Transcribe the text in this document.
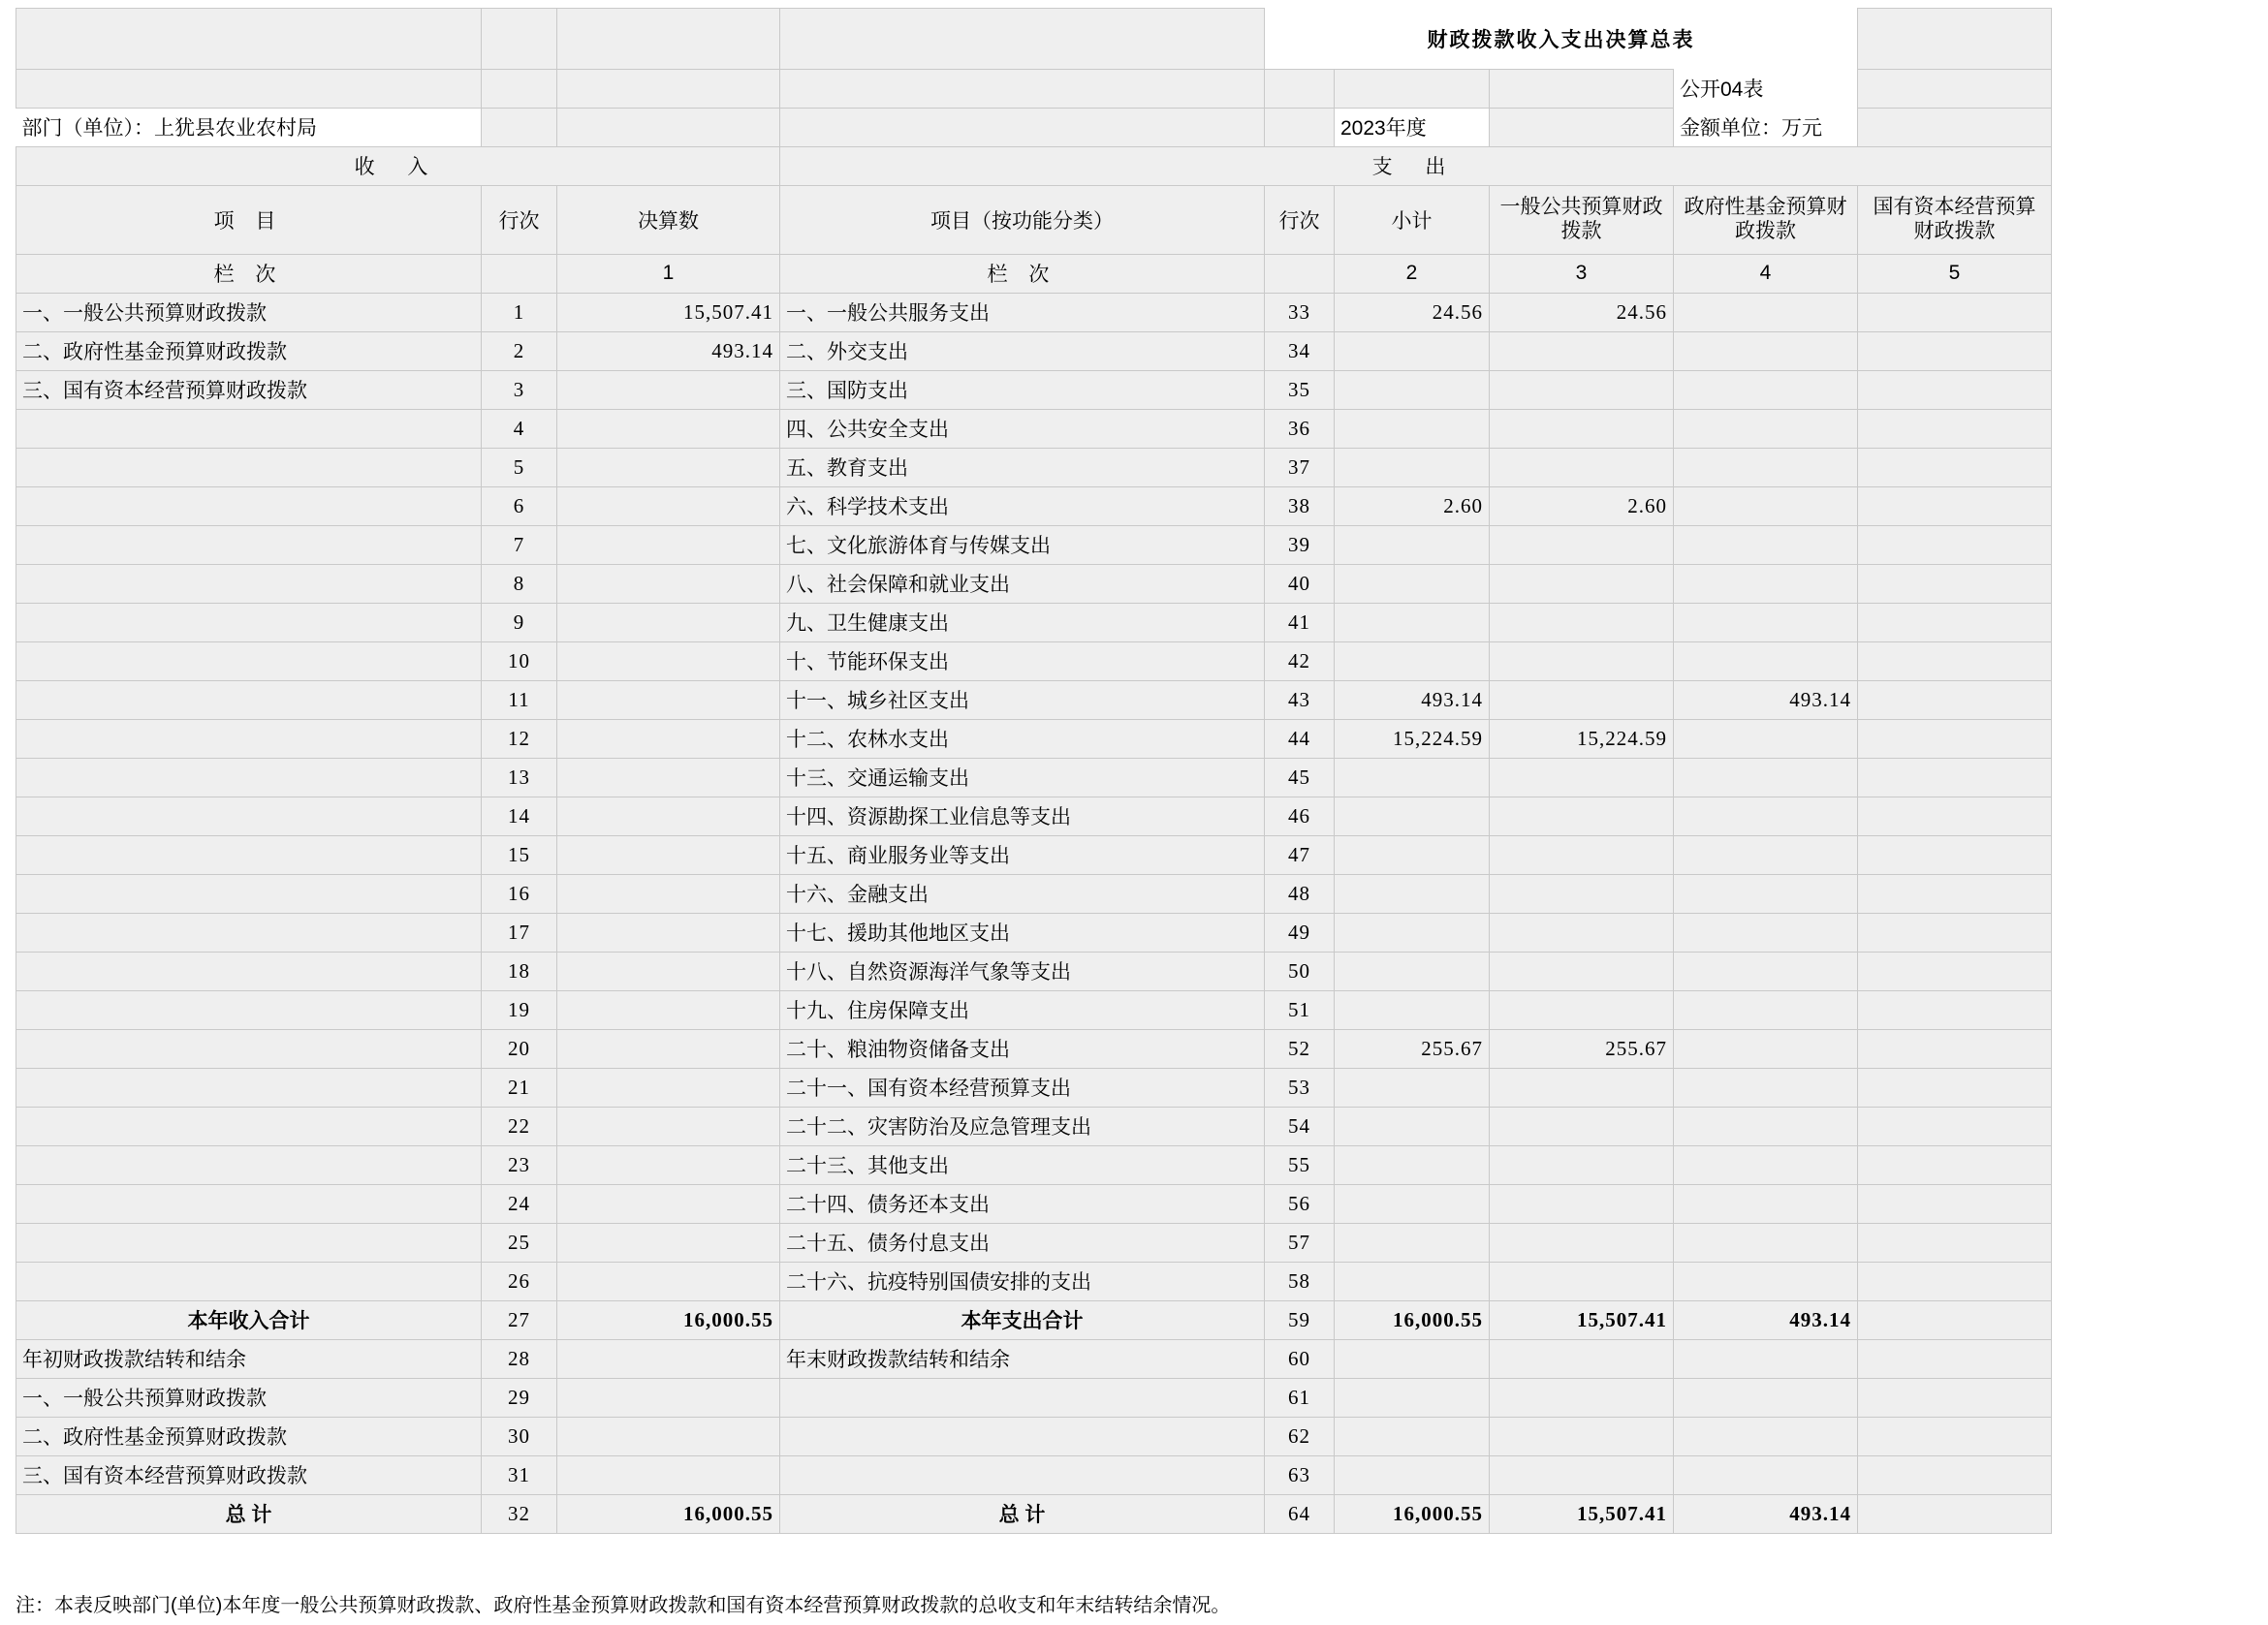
				财政拨款收入支出决算总表				
							公开04表	
部门（单位）：上犹县农业农村局					2023年度		金额单位：万元	
收 入			支 出					
项 目	行次	决算数	项目（按功能分类）	行次	小计	一般公共预算财政拨款	政府性基金预算财政拨款	国有资本经营预算财政拨款
栏 次		1	栏 次		2	3	4	5
一、一般公共预算财政拨款	1	15,507.41	一、一般公共服务支出	33	24.56	24.56		
二、政府性基金预算财政拨款	2	493.14	二、外交支出	34				
三、国有资本经营预算财政拨款	3		三、国防支出	35				
	4		四、公共安全支出	36				
	5		五、教育支出	37				
	6		六、科学技术支出	38	2.60	2.60		
	7		七、文化旅游体育与传媒支出	39				
	8		八、社会保障和就业支出	40				
	9		九、卫生健康支出	41				
	10		十、节能环保支出	42				
	11		十一、城乡社区支出	43	493.14		493.14	
	12		十二、农林水支出	44	15,224.59	15,224.59		
	13		十三、交通运输支出	45				
	14		十四、资源勘探工业信息等支出	46				
	15		十五、商业服务业等支出	47				
	16		十六、金融支出	48				
	17		十七、援助其他地区支出	49				
	18		十八、自然资源海洋气象等支出	50				
	19		十九、住房保障支出	51				
	20		二十、粮油物资储备支出	52	255.67	255.67		
	21		二十一、国有资本经营预算支出	53				
	22		二十二、灾害防治及应急管理支出	54				
	23		二十三、其他支出	55				
	24		二十四、债务还本支出	56				
	25		二十五、债务付息支出	57				
	26		二十六、抗疫特别国债安排的支出	58				
本年收入合计	27	16,000.55	本年支出合计	59	16,000.55	15,507.41	493.14	
年初财政拨款结转和结余	28		年末财政拨款结转和结余	60				
一、一般公共预算财政拨款	29			61				
二、政府性基金预算财政拨款	30			62				
三、国有资本经营预算财政拨款	31			63				
总 计	32	16,000.55	总 计	64	16,000.55	15,507.41	493.14	
注：本表反映部门(单位)本年度一般公共预算财政拨款、政府性基金预算财政拨款和国有资本经营预算财政拨款的总收支和年末结转结余情况。
